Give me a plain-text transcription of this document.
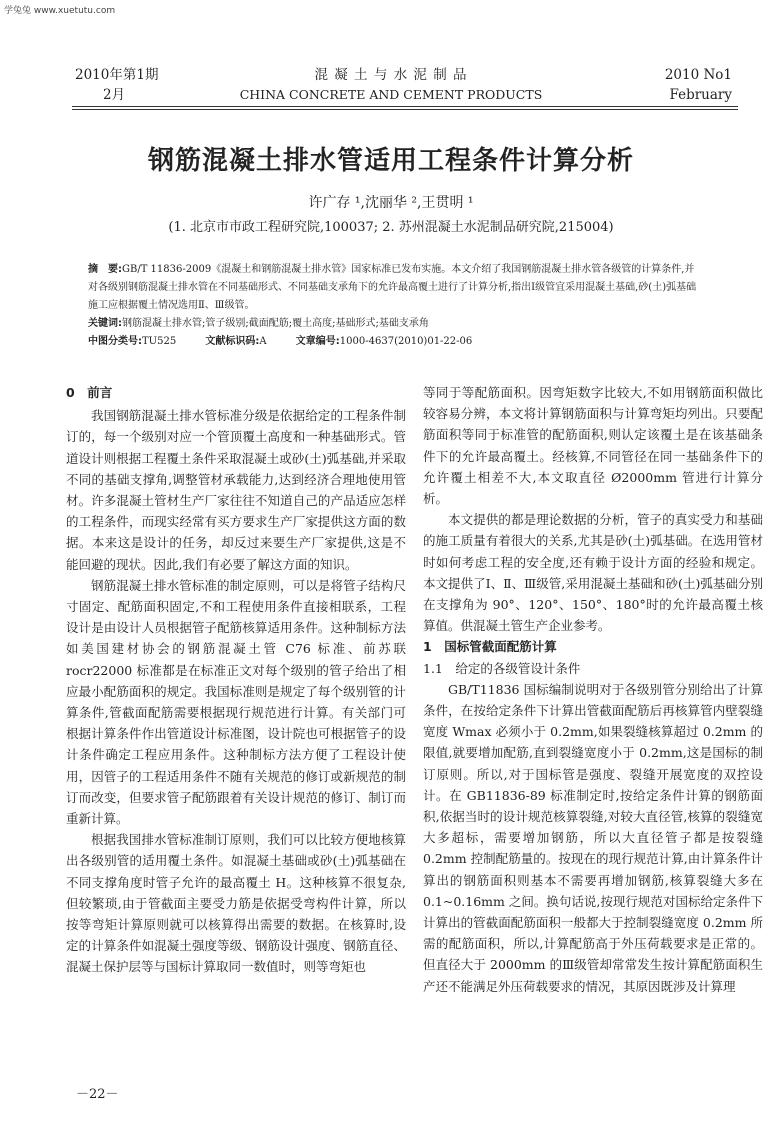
学兔兔 www.xuetutu.com
2010年第1期
2月
混 凝 土 与 水 泥 制 品
CHINA CONCRETE AND CEMENT PRODUCTS
2010 No1
February
钢筋混凝土排水管适用工程条件计算分析
许广存 ¹,沈丽华 ²,王贯明 ¹
(1. 北京市市政工程研究院,100037; 2. 苏州混凝土水泥制品研究院,215004)

摘　要:GB/T 11836-2009《混凝土和钢筋混凝土排水管》国家标准已发布实施。本文介绍了我国钢筋混凝土排水管各级管的计算条件,并对各级别钢筋混凝土排水管在不同基础形式、不同基础支承角下的允许最高覆土进行了计算分析,指出Ⅰ级管宜采用混凝土基础,砂(土)弧基础施工应根据覆土情况选用Ⅱ、Ⅲ级管。

关键词:钢筋混凝土排水管;管子级别;截面配筋;覆土高度;基础形式;基础支承角

中图分类号:TU525	文献标识码:A	文章编号:1000-4637(2010)01-22-06

0　前言

我国钢筋混凝土排水管标准分级是依据给定的工程条件制订的，每一个级别对应一个管顶覆土高度和一种基础形式。管道设计则根据工程覆土条件采取混凝土或砂(土)弧基础,并采取不同的基础支撑角,调整管材承载能力,达到经济合理地使用管材。许多混凝土管材生产厂家往往不知道自己的产品适应怎样的工程条件，而现实经常有买方要求生产厂家提供这方面的数据。本来这是设计的任务，却反过来要生产厂家提供,这是不能回避的现状。因此,我们有必要了解这方面的知识。

钢筋混凝土排水管标准的制定原则，可以是将管子结构尺寸固定、配筋面积固定,不和工程使用条件直接相联系，工程设计是由设计人员根据管子配筋核算适用条件。这种制标方法如美国建材协会的钢筋混凝土管 C76 标准、前苏联 rocr22000 标准都是在标准正文对每个级别的管子给出了相应最小配筋面积的规定。我国标准则是规定了每个级别管的计算条件,管截面配筋需要根据现行规范进行计算。有关部门可根据计算条件作出管道设计标准图，设计院也可根据管子的设计条件确定工程应用条件。这种制标方法方便了工程设计使用，因管子的工程适用条件不随有关规范的修订或新规范的制订而改变，但要求管子配筋跟着有关设计规范的修订、制订而重新计算。

根据我国排水管标准制订原则，我们可以比较方便地核算出各级别管的适用覆土条件。如混凝土基础或砂(土)弧基础在不同支撑角度时管子允许的最高覆土 H。这种核算不很复杂,但较繁琐,由于管截面主要受力筋是依据受弯构件计算，所以按等弯矩计算原则就可以核算得出需要的数据。在核算时,设定的计算条件如混凝土强度等级、钢筋设计强度、钢筋直径、混凝土保护层等与国标计算取同一数值时，则等弯矩也

等同于等配筋面积。因弯矩数字比较大,不如用钢筋面积做比较容易分辨，本文将计算钢筋面积与计算弯矩均列出。只要配筋面积等同于标准管的配筋面积,则认定该覆土是在该基础条件下的允许最高覆土。经核算,不同管径在同一基础条件下的允许覆土相差不大,本文取直径 Ø2000mm 管进行计算分析。

本文提供的都是理论数据的分析，管子的真实受力和基础的施工质量有着很大的关系,尤其是砂(土)弧基础。在选用管材时如何考虑工程的安全度,还有赖于设计方面的经验和规定。本文提供了Ⅰ、Ⅱ、Ⅲ级管,采用混凝土基础和砂(土)弧基础分别在支撑角为 90°、120°、150°、180°时的允许最高覆土核算值。供混凝土管生产企业参考。

1　国标管截面配筋计算
1.1　给定的各级管设计条件

GB/T11836 国标编制说明对于各级别管分别给出了计算条件，在按给定条件下计算出管截面配筋后再核算管内壁裂缝宽度 Wmax 必须小于 0.2mm,如果裂缝核算超过 0.2mm 的限值,就要增加配筋,直到裂缝宽度小于 0.2mm,这是国标的制订原则。所以,对于国标管是强度、裂缝开展宽度的双控设计。在 GB11836-89 标准制定时,按给定条件计算的钢筋面积,依据当时的设计规范核算裂缝,对较大直径管,核算的裂缝宽大多超标，需要增加钢筋，所以大直径管子都是按裂缝 0.2mm 控制配筋量的。按现在的现行规范计算,由计算条件计算出的钢筋面积则基本不需要再增加钢筋,核算裂缝大多在 0.1~0.16mm 之间。换句话说,按现行规范对国标给定条件下计算出的管截面配筋面积一般都大于控制裂缝宽度 0.2mm 所需的配筋面积，所以,计算配筋高于外压荷载要求是正常的。但直径大于 2000mm 的Ⅲ级管却常常发生按计算配筋面积生产还不能满足外压荷载要求的情况，其原因既涉及计算理

－22－
